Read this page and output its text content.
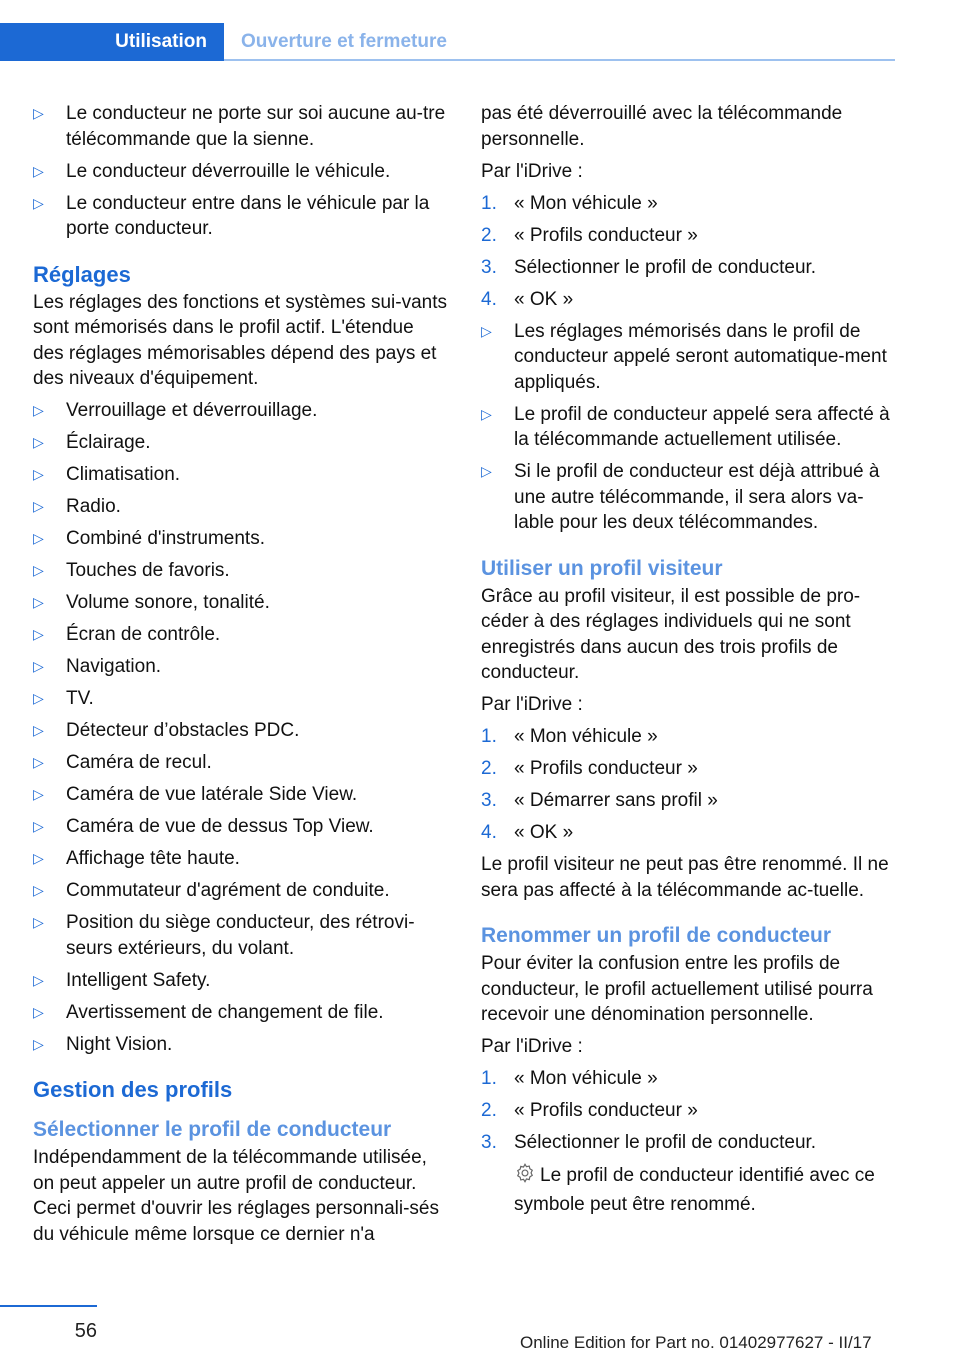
Utilisation	Ouverture et fermeture
▷ Le conducteur ne porte sur soi aucune au-tre télécommande que la sienne.
▷ Le conducteur déverrouille le véhicule.
▷ Le conducteur entre dans le véhicule par la porte conducteur.
Réglages
Les réglages des fonctions et systèmes sui-vants sont mémorisés dans le profil actif. L'étendue des réglages mémorisables dépend des pays et des niveaux d'équipement.
▷ Verrouillage et déverrouillage.
▷ Éclairage.
▷ Climatisation.
▷ Radio.
▷ Combiné d'instruments.
▷ Touches de favoris.
▷ Volume sonore, tonalité.
▷ Écran de contrôle.
▷ Navigation.
▷ TV.
▷ Détecteur d’obstacles PDC.
▷ Caméra de recul.
▷ Caméra de vue latérale Side View.
▷ Caméra de vue de dessus Top View.
▷ Affichage tête haute.
▷ Commutateur d'agrément de conduite.
▷ Position du siège conducteur, des rétrovi-seurs extérieurs, du volant.
▷ Intelligent Safety.
▷ Avertissement de changement de file.
▷ Night Vision.
Gestion des profils
Sélectionner le profil de conducteur
Indépendamment de la télécommande utilisée, on peut appeler un autre profil de conducteur. Ceci permet d'ouvrir les réglages personnali-sés du véhicule même lorsque ce dernier n'a
pas été déverrouillé avec la télécommande personnelle.
Par l'iDrive :
1. « Mon véhicule »
2. « Profils conducteur »
3. Sélectionner le profil de conducteur.
4. « OK »
▷ Les réglages mémorisés dans le profil de conducteur appelé seront automatique-ment appliqués.
▷ Le profil de conducteur appelé sera affecté à la télécommande actuellement utilisée.
▷ Si le profil de conducteur est déjà attribué à une autre télécommande, il sera alors va-lable pour les deux télécommandes.
Utiliser un profil visiteur
Grâce au profil visiteur, il est possible de pro-céder à des réglages individuels qui ne sont enregistrés dans aucun des trois profils de conducteur.
Par l'iDrive :
1. « Mon véhicule »
2. « Profils conducteur »
3. « Démarrer sans profil »
4. « OK »
Le profil visiteur ne peut pas être renommé. Il ne sera pas affecté à la télécommande ac-tuelle.
Renommer un profil de conducteur
Pour éviter la confusion entre les profils de conducteur, le profil actuellement utilisé pourra recevoir une dénomination personnelle.
Par l'iDrive :
1. « Mon véhicule »
2. « Profils conducteur »
3. Sélectionner le profil de conducteur.
Le profil de conducteur identifié avec ce symbole peut être renommé.
56
Online Edition for Part no. 01402977627 - II/17
